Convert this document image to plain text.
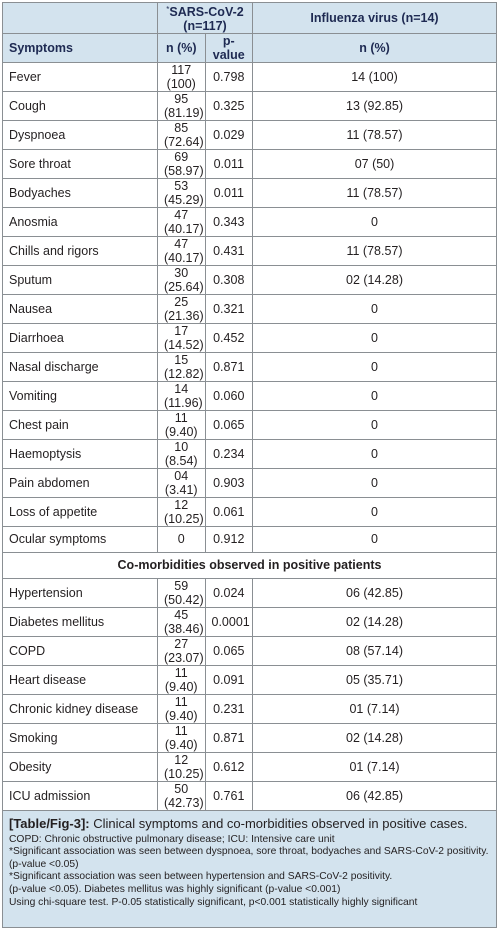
	*SARS-CoV-2 (n=117)		Influenza virus (n=14)
Symptoms	n (%)	p-value	n (%)
Fever	117 (100)	0.798	14 (100)
Cough	95 (81.19)	0.325	13 (92.85)
Dyspnoea	85 (72.64)	0.029	11 (78.57)
Sore throat	69 (58.97)	0.011	07 (50)
Bodyaches	53 (45.29)	0.011	11 (78.57)
Anosmia	47 (40.17)	0.343	0
Chills and rigors	47 (40.17)	0.431	11 (78.57)
Sputum	30 (25.64)	0.308	02 (14.28)
Nausea	25 (21.36)	0.321	0
Diarrhoea	17 (14.52)	0.452	0
Nasal discharge	15 (12.82)	0.871	0
Vomiting	14 (11.96)	0.060	0
Chest pain	11 (9.40)	0.065	0
Haemoptysis	10 (8.54)	0.234	0
Pain abdomen	04 (3.41)	0.903	0
Loss of appetite	12 (10.25)	0.061	0
Ocular symptoms	0	0.912	0
Co-morbidities observed in positive patients			
Hypertension	59 (50.42)	0.024	06 (42.85)
Diabetes mellitus	45 (38.46)	0.0001	02 (14.28)
COPD	27 (23.07)	0.065	08 (57.14)
Heart disease	11 (9.40)	0.091	05 (35.71)
Chronic kidney disease	11 (9.40)	0.231	01 (7.14)
Smoking	11 (9.40)	0.871	02 (14.28)
Obesity	12 (10.25)	0.612	01 (7.14)
ICU admission	50 (42.73)	0.761	06 (42.85)
[Table/Fig-3]: Clinical symptoms and co-morbidities observed in positive cases.
COPD: Chronic obstructive pulmonary disease; ICU: Intensive care unit
*Significant association was seen between dyspnoea, sore throat, bodyaches and SARS-CoV-2 positivity. (p-value <0.05)
*Significant association was seen between hypertension and SARS-CoV-2 positivity.
(p-value <0.05). Diabetes mellitus was highly significant (p-value <0.001)
Using chi-square test. P-0.05 statistically significant, p<0.001 statistically highly significant
